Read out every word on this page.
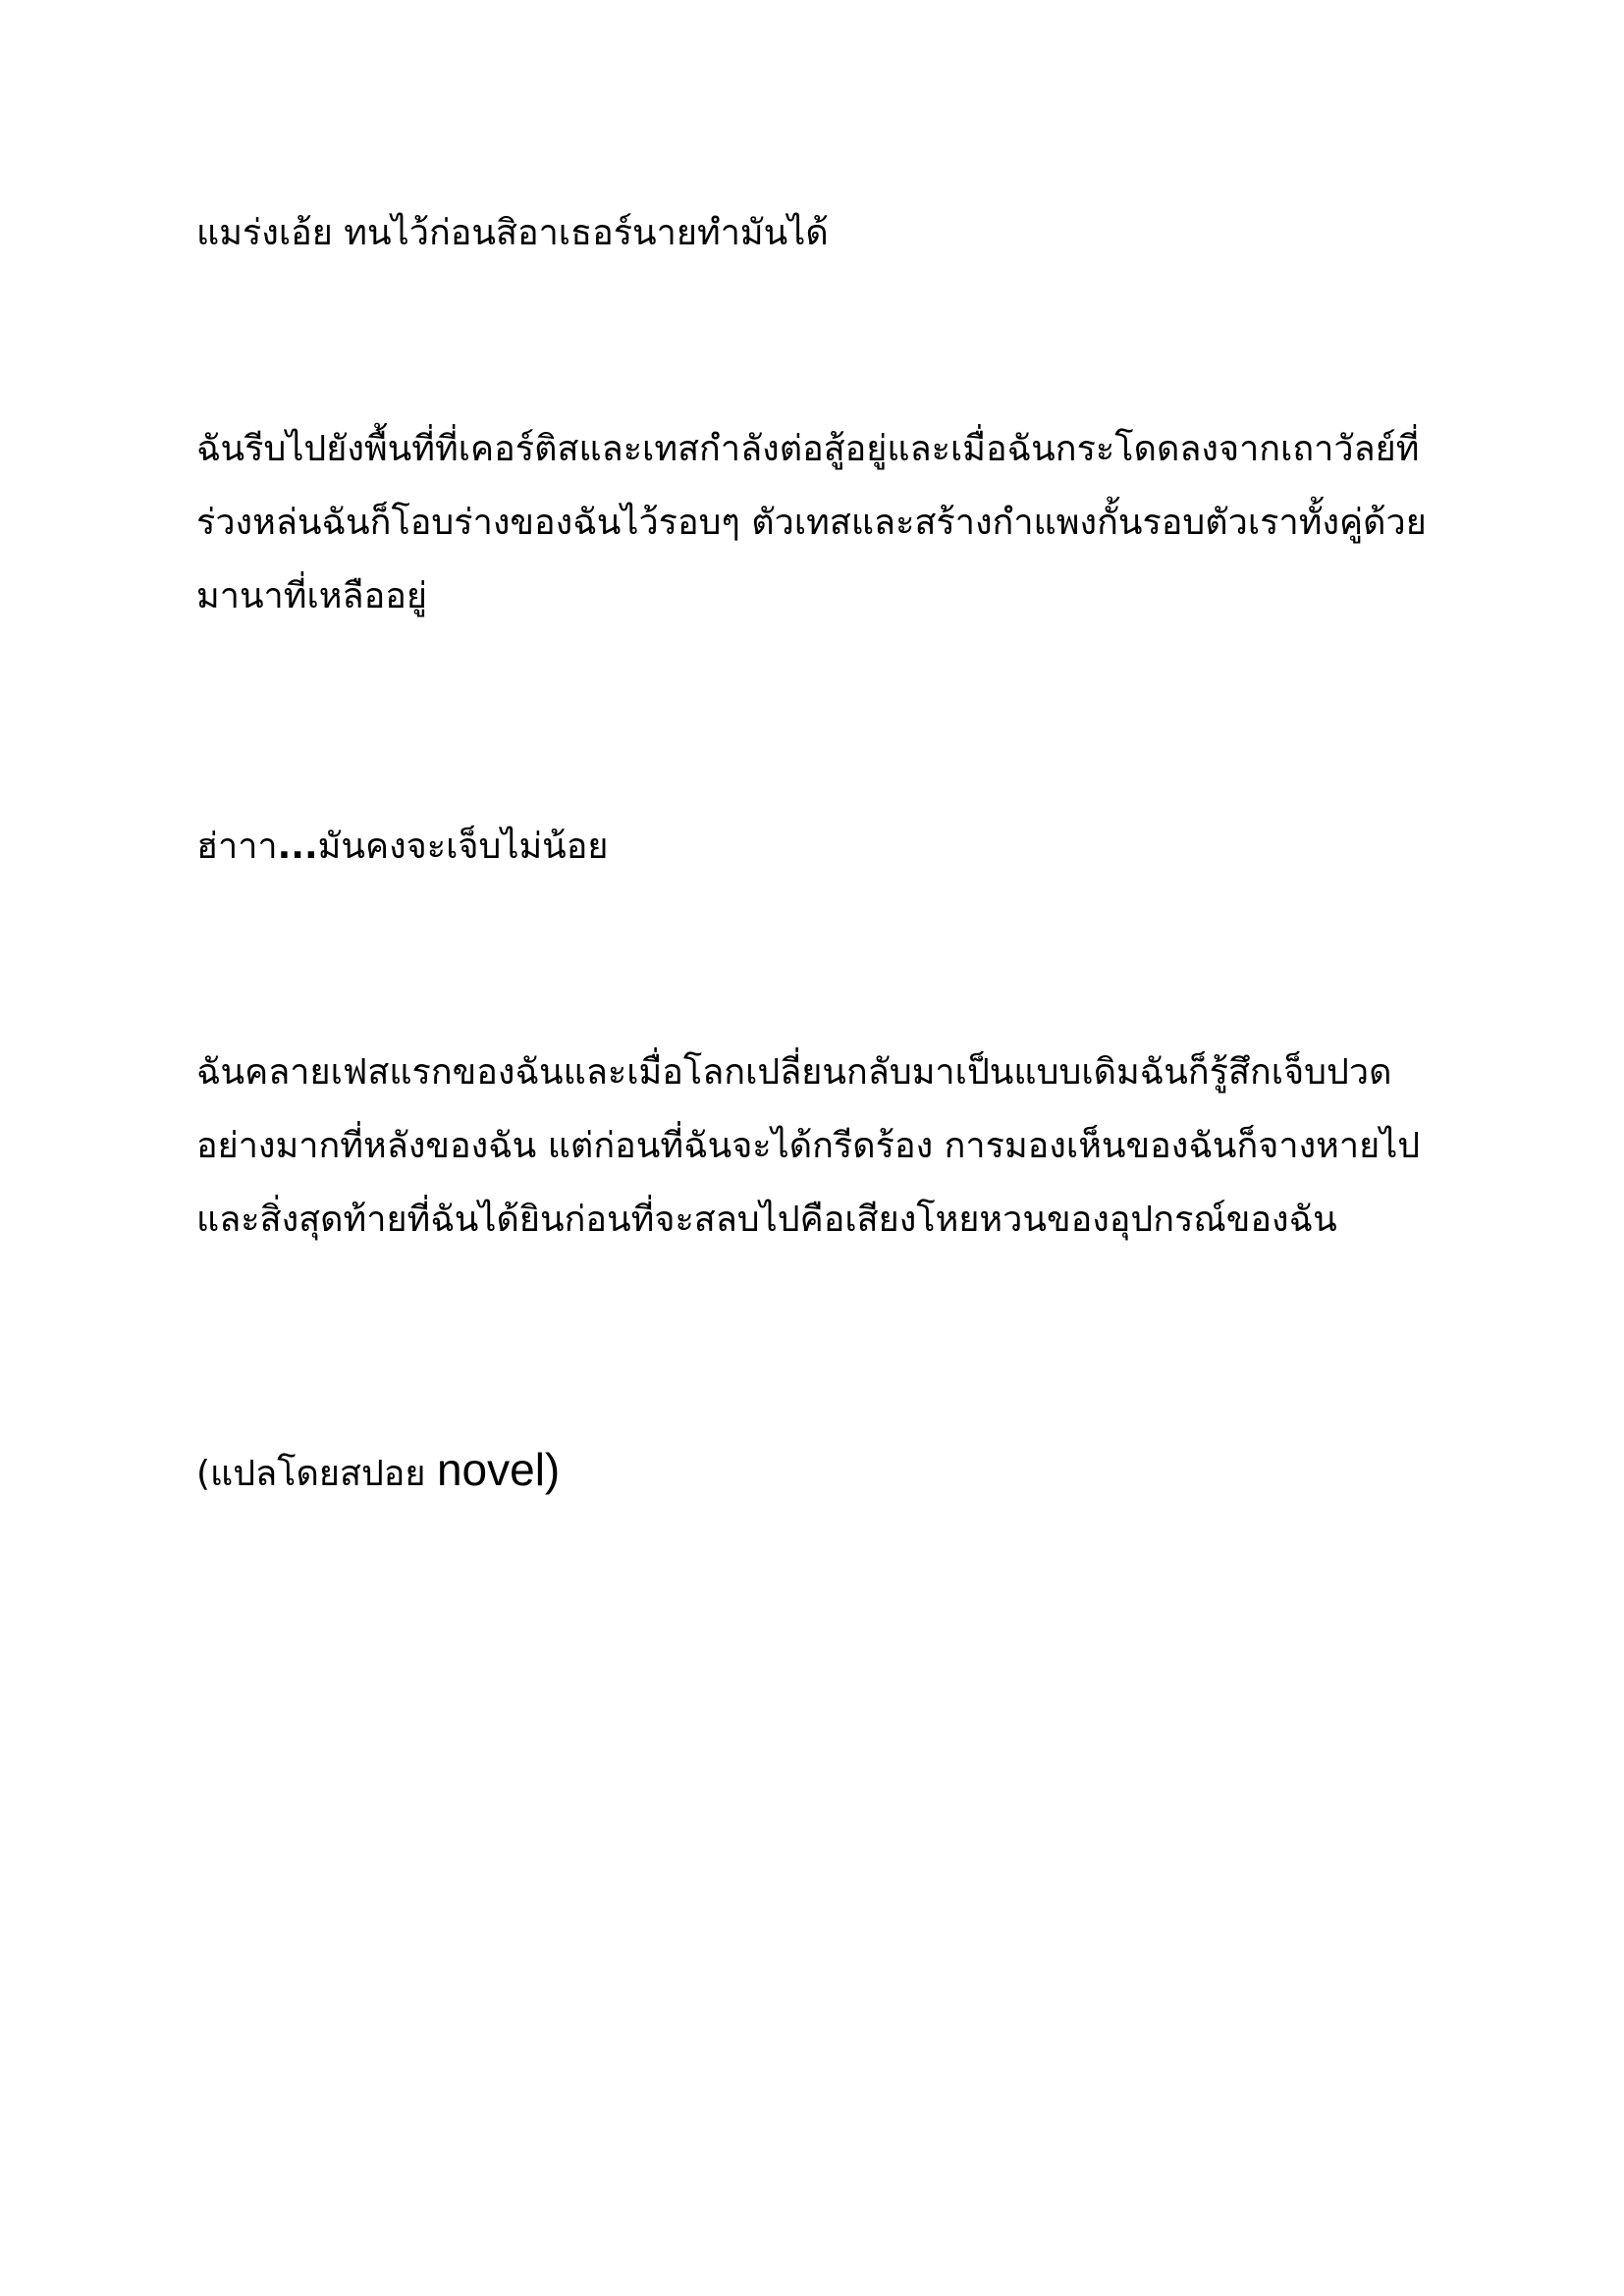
แมร่งเอ้ย ทนไว้ก่อนสิอาเธอร์นายทำมันได้

ฉันรีบไปยังพื้นที่ที่เคอร์ติสและเทสกำลังต่อสู้อยู่และเมื่อฉันกระโดดลงจากเถาวัลย์ที่
ร่วงหล่นฉันก็โอบร่างของฉันไว้รอบๆ ตัวเทสและสร้างกำแพงกั้นรอบตัวเราทั้งคู่ด้วย
มานาที่เหลืออยู่

ฮ่าาา...มันคงจะเจ็บไม่น้อย

ฉันคลายเฟสแรกของฉันและเมื่อโลกเปลี่ยนกลับมาเป็นแบบเดิมฉันก็รู้สึกเจ็บปวด
อย่างมากที่หลังของฉัน แต่ก่อนที่ฉันจะได้กรีดร้อง การมองเห็นของฉันก็จางหายไป
และสิ่งสุดท้ายที่ฉันได้ยินก่อนที่จะสลบไปคือเสียงโหยหวนของอุปกรณ์ของฉัน

(แปลโดยสปอย novel)
